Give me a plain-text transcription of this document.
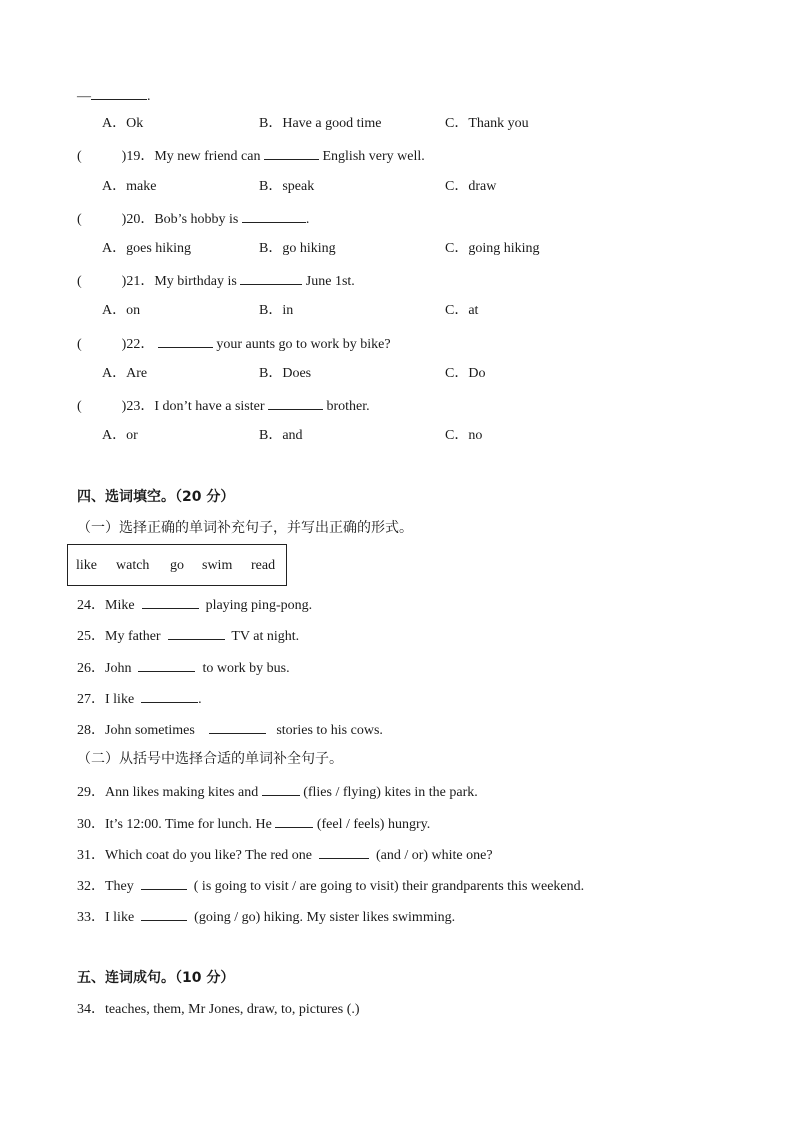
—	.
A．Ok	B．Have a good time	C．Thank you
(	)19．My new friend can	English very well.
A．make	B．speak	C．draw
(	)20．Bob’s hobby is	.
A．goes hiking	B．go hiking	C．going hiking
(	)21．My birthday is	June 1st.
A．on	B．in	C．at
(	)22．	your aunts go to work by bike?
A．Are	B．Does	C．Do
(	)23．I don’t have a sister	brother.
A．or	B．and	C．no
四、选词填空。（20 分）
（一）选择正确的单词补充句子，并写出正确的形式。
like watch go swim read
24．Mike	playing ping-pong.
25．My father	TV at night.
26．John	to work by bus.
27．I like	.
28．John sometimes	stories to his cows.
（二）从括号中选择合适的单词补全句子。
29．Ann likes making kites and	(flies / flying) kites in the park.
30．It’s 12:00. Time for lunch. He	(feel / feels) hungry.
31．Which coat do you like? The red one	(and / or) white one?
32．They	( is going to visit / are going to visit) their grandparents this weekend.
33．I like	(going / go) hiking. My sister likes swimming.
五、连词成句。（10 分）
34．teaches, them, Mr Jones, draw, to, pictures (.)
